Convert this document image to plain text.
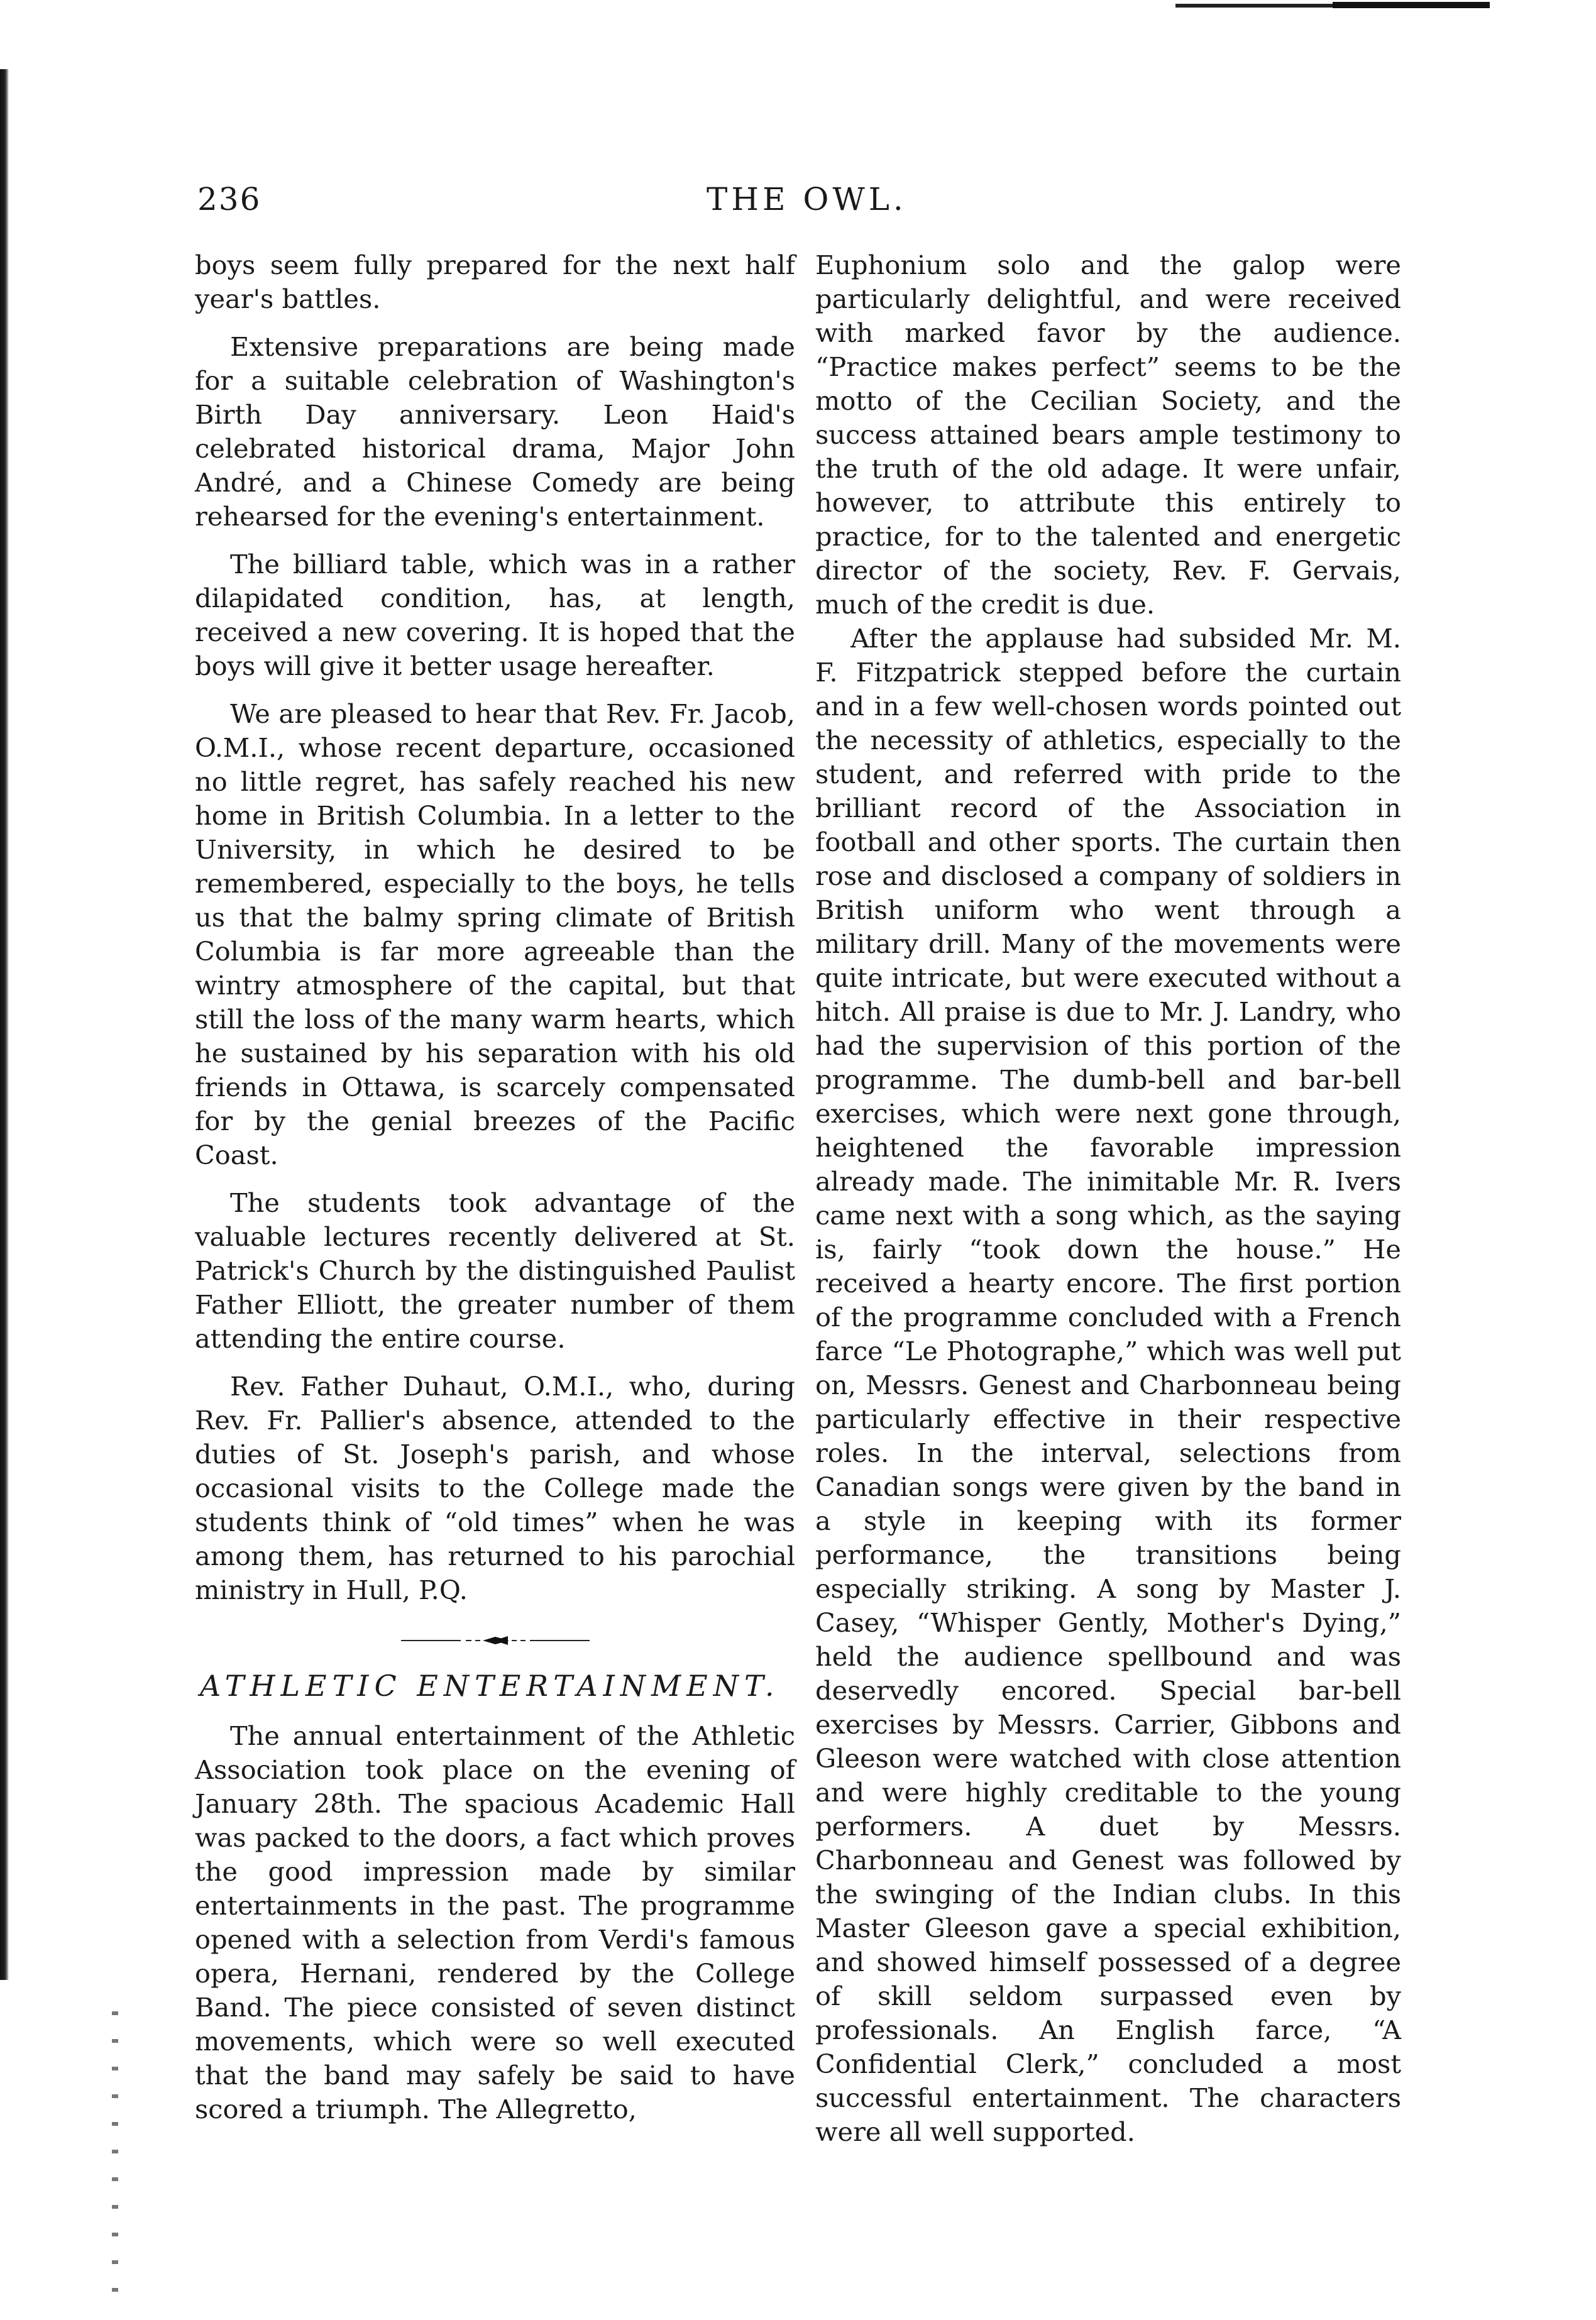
236	THE OWL.

boys seem fully prepared for the next half year's battles.

Extensive preparations are being made for a suitable celebration of Washington's Birth Day anniversary. Leon Haid's celebrated historical drama, Major John André, and a Chinese Comedy are being rehearsed for the evening's entertainment.

The billiard table, which was in a rather dilapidated condition, has, at length, received a new covering. It is hoped that the boys will give it better usage hereafter.

We are pleased to hear that Rev. Fr. Jacob, O.M.I., whose recent departure, occasioned no little regret, has safely reached his new home in British Columbia. In a letter to the University, in which he desired to be remembered, especially to the boys, he tells us that the balmy spring climate of British Columbia is far more agreeable than the wintry atmosphere of the capital, but that still the loss of the many warm hearts, which he sustained by his separation with his old friends in Ottawa, is scarcely compensated for by the genial breezes of the Pacific Coast.

The students took advantage of the valuable lectures recently delivered at St. Patrick's Church by the distinguished Paulist Father Elliott, the greater number of them attending the entire course.

Rev. Father Duhaut, O.M.I., who, during Rev. Fr. Pallier's absence, attended to the duties of St. Joseph's parish, and whose occasional visits to the College made the students think of “old times” when he was among them, has returned to his parochial ministry in Hull, P.Q.

ATHLETIC ENTERTAINMENT.

The annual entertainment of the Athletic Association took place on the evening of January 28th. The spacious Academic Hall was packed to the doors, a fact which proves the good impression made by similar entertainments in the past. The programme opened with a selection from Verdi's famous opera, Hernani, rendered by the College Band. The piece consisted of seven distinct movements, which were so well executed that the band may safely be said to have scored a triumph. The Allegretto,

Euphonium solo and the galop were particularly delightful, and were received with marked favor by the audience. “Practice makes perfect” seems to be the motto of the Cecilian Society, and the success attained bears ample testimony to the truth of the old adage. It were unfair, however, to attribute this entirely to practice, for to the talented and energetic director of the society, Rev. F. Gervais, much of the credit is due.

After the applause had subsided Mr. M. F. Fitzpatrick stepped before the curtain and in a few well-chosen words pointed out the necessity of athletics, especially to the student, and referred with pride to the brilliant record of the Association in football and other sports. The curtain then rose and disclosed a company of soldiers in British uniform who went through a military drill. Many of the movements were quite intricate, but were executed without a hitch. All praise is due to Mr. J. Landry, who had the supervision of this portion of the programme. The dumb-bell and bar-bell exercises, which were next gone through, heightened the favorable impression already made. The inimitable Mr. R. Ivers came next with a song which, as the saying is, fairly “took down the house.” He received a hearty encore. The first portion of the programme concluded with a French farce “Le Photographe,” which was well put on, Messrs. Genest and Charbonneau being particularly effective in their respective roles. In the interval, selections from Canadian songs were given by the band in a style in keeping with its former performance, the transitions being especially striking. A song by Master J. Casey, “Whisper Gently, Mother's Dying,” held the audience spellbound and was deservedly encored. Special bar-bell exercises by Messrs. Carrier, Gibbons and Gleeson were watched with close attention and were highly creditable to the young performers. A duet by Messrs. Charbonneau and Genest was followed by the swinging of the Indian clubs. In this Master Gleeson gave a special exhibition, and showed himself possessed of a degree of skill seldom surpassed even by professionals. An English farce, “A Confidential Clerk,” concluded a most successful entertainment. The characters were all well supported.
